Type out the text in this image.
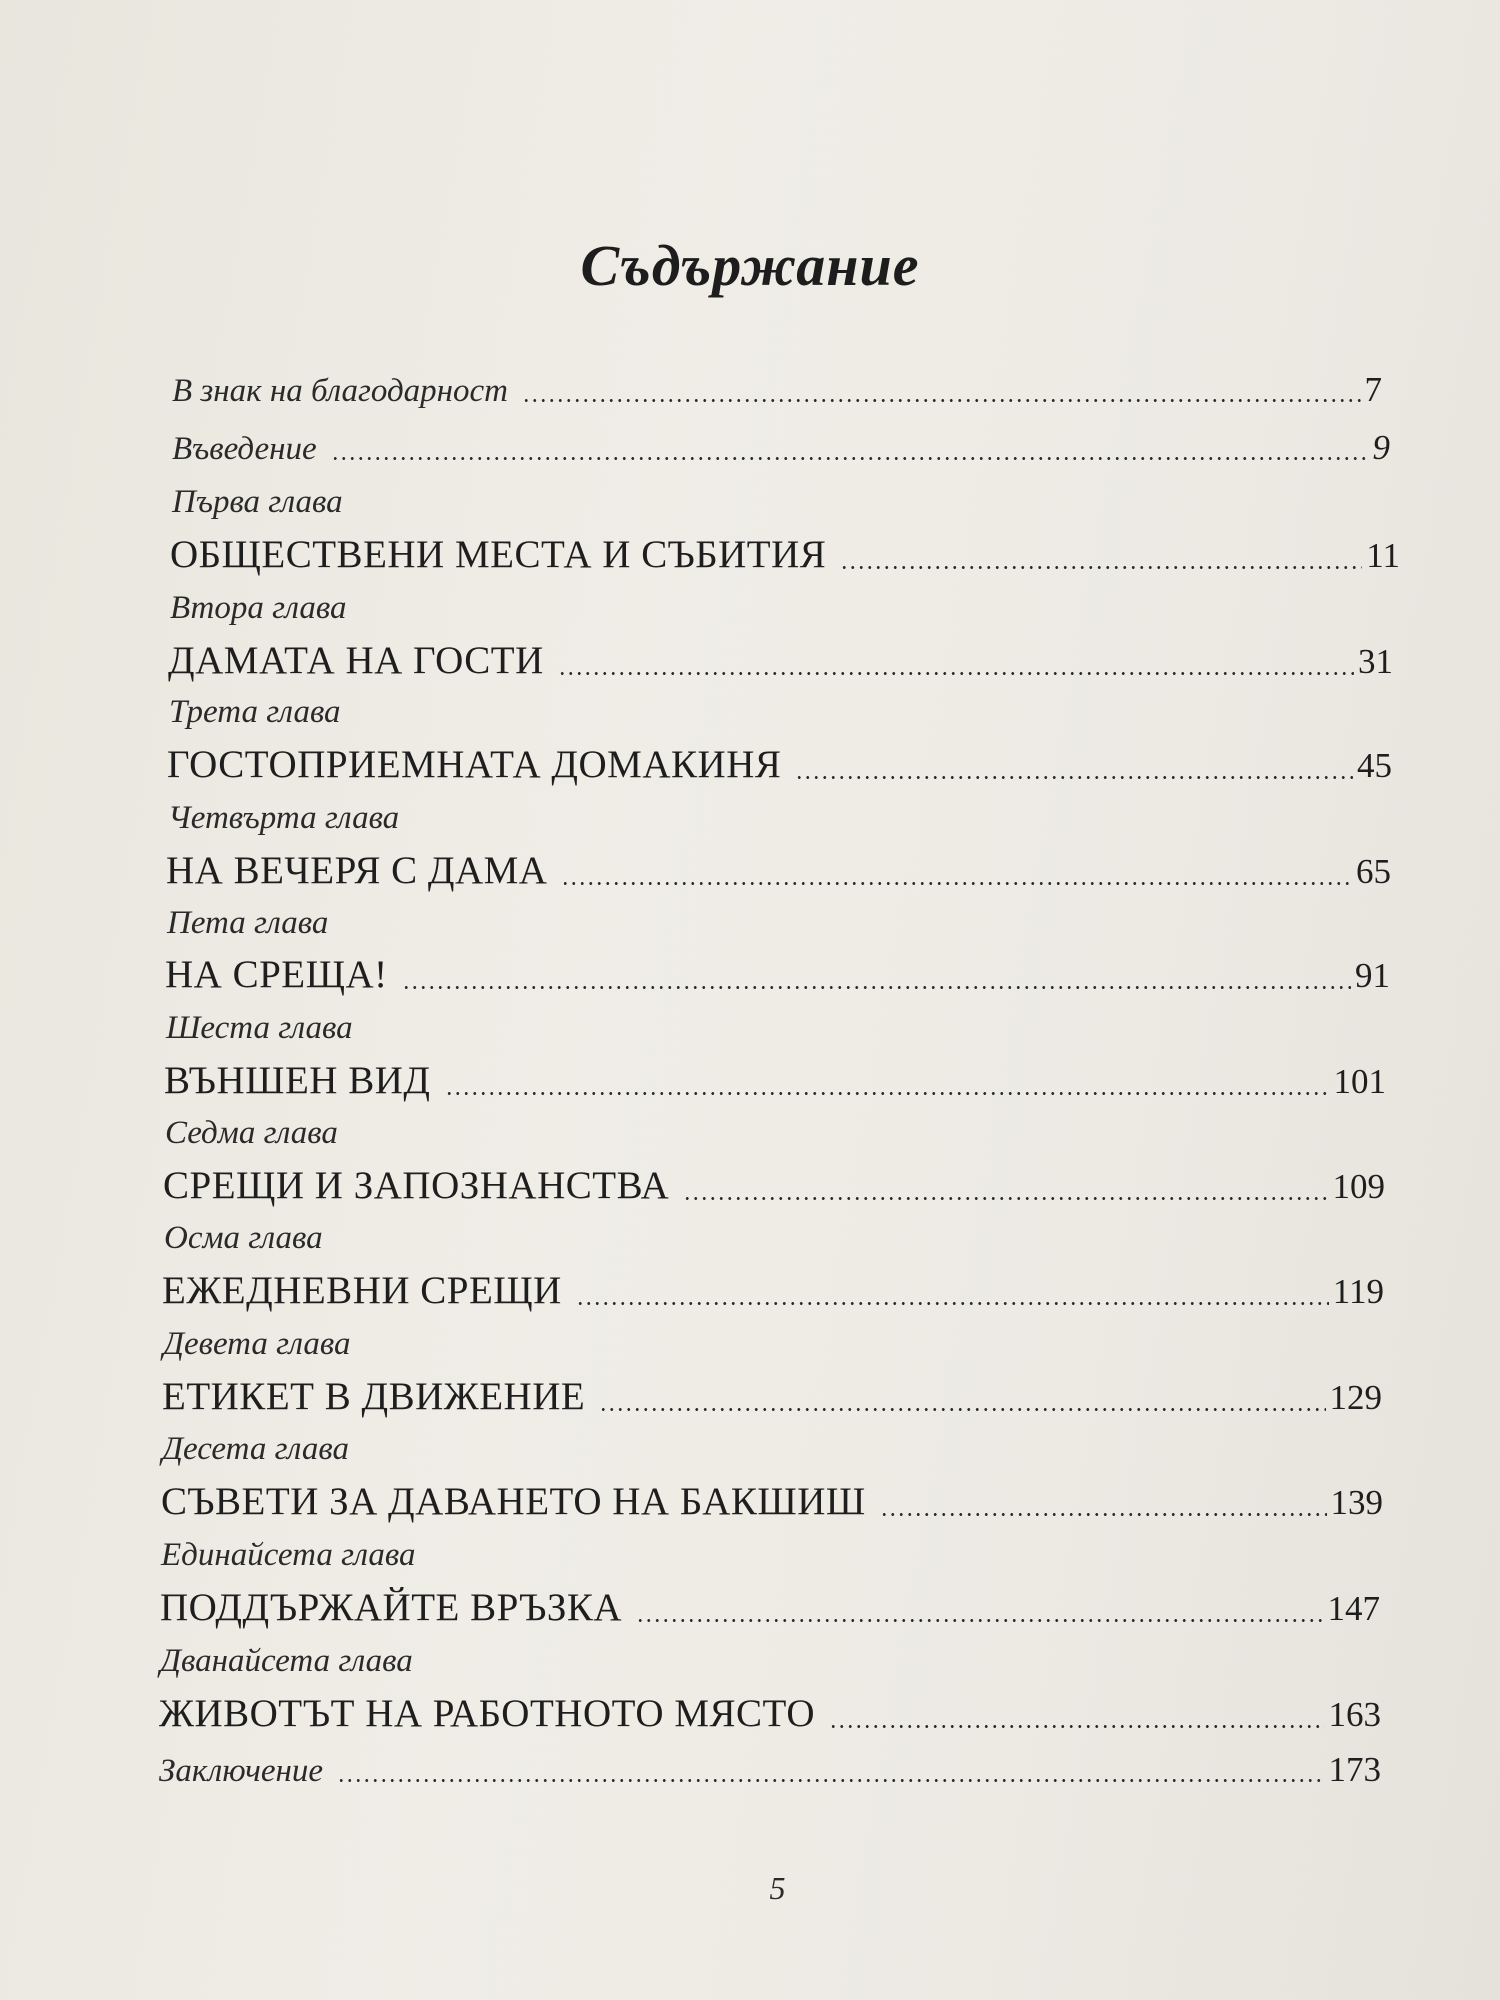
Съдържание
В знак на благодарност	7
Въведение	9
Първа глава
ОБЩЕСТВЕНИ МЕСТА И СЪБИТИЯ	11
Втора глава
ДАМАТА НА ГОСТИ	31
Трета глава
ГОСТОПРИЕМНАТА ДОМАКИНЯ	45
Четвърта глава
НА ВЕЧЕРЯ С ДАМА	65
Пета глава
НА СРЕЩА!	91
Шеста глава
ВЪНШЕН ВИД	101
Седма глава
СРЕЩИ И ЗАПОЗНАНСТВА	109
Осма глава
ЕЖЕДНЕВНИ СРЕЩИ	119
Девета глава
ЕТИКЕТ В ДВИЖЕНИЕ	129
Десета глава
СЪВЕТИ ЗА ДАВАНЕТО НА БАКШИШ	139
Единайсета глава
ПОДДЪРЖАЙТЕ ВРЪЗКА	147
Дванайсета глава
ЖИВОТЪТ НА РАБОТНОТО МЯСТО	163
Заключение	173
5
